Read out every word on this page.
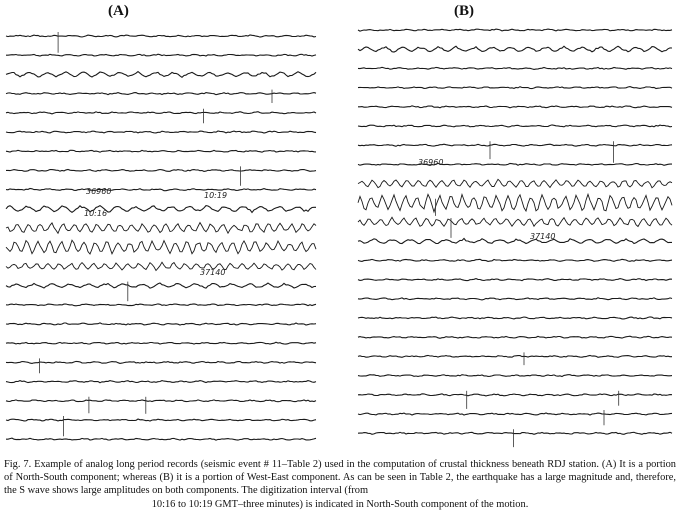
(A)	(B)
36960
10:16
10:19
37140
36960
37140
Fig. 7. Example of analog long period records (seismic event # 11–Table 2) used in the computation of crustal thickness beneath RDJ station. (A) It is a portion of North-South component; whereas (B) it is a portion of West-East component. As can be seen in Table 2, the earthquake has a large magnitude and, therefore, the S wave shows large amplitudes on both components. The digitization interval (from
10:16 to 10:19 GMT–three minutes) is indicated in North-South component of the motion.
